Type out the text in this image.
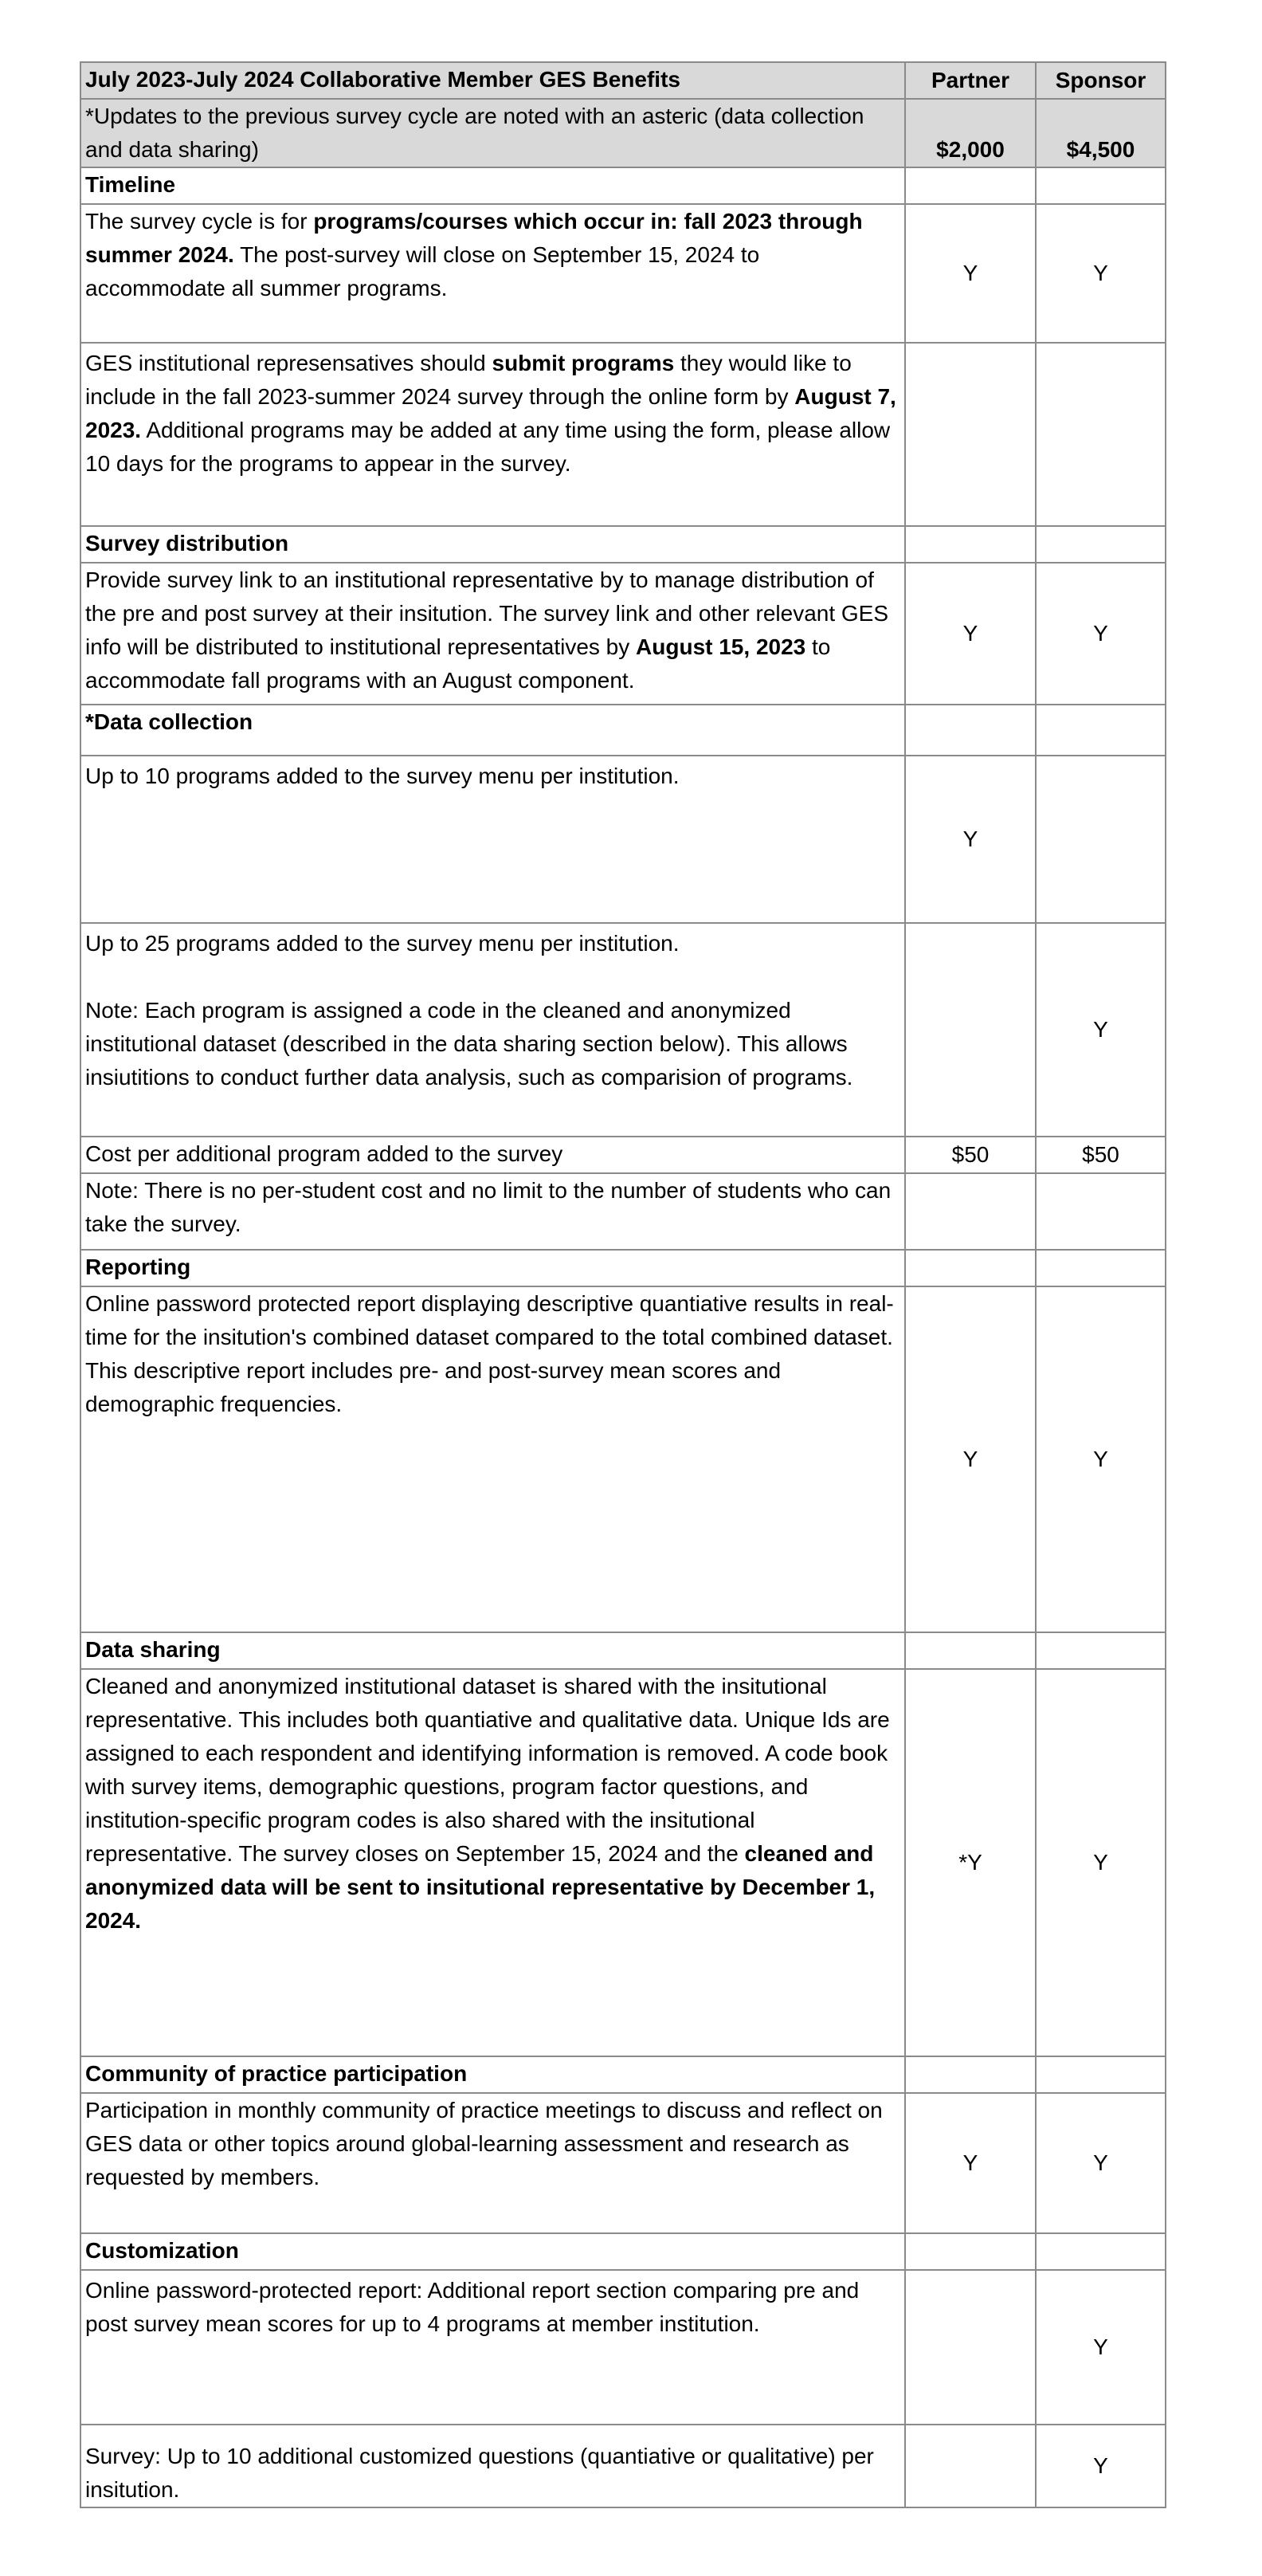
July 2023-July 2024 Collaborative Member GES Benefits	Partner	Sponsor
*Updates to the previous survey cycle are noted with an asteric (data collection and data sharing)	$2,000	$4,500
Timeline		
The survey cycle is for programs/courses which occur in: fall 2023 through summer 2024. The post-survey will close on September 15, 2024 to accommodate all summer programs.	Y	Y
GES institutional represensatives should submit programs they would like to include in the fall 2023-summer 2024 survey through the online form by August 7, 2023. Additional programs may be added at any time using the form, please allow 10 days for the programs to appear in the survey.		
Survey distribution		
Provide survey link to an institutional representative by to manage distribution of the pre and post survey at their insitution. The survey link and other relevant GES info will be distributed to institutional representatives by August 15, 2023 to accommodate fall programs with an August component.	Y	Y
*Data collection		
Up to 10 programs added to the survey menu per institution.	Y	
Up to 25 programs added to the survey menu per institution.
Note: Each program is assigned a code in the cleaned and anonymized institutional dataset (described in the data sharing section below). This allows insiutitions to conduct further data analysis, such as comparision of programs.		Y
Cost per additional program added to the survey	$50	$50
Note: There is no per-student cost and no limit to the number of students who can take the survey.		
Reporting		
Online password protected report displaying descriptive quantiative results in real-time for the insitution's combined dataset compared to the total combined dataset. This descriptive report includes pre- and post-survey mean scores and demographic frequencies.	Y	Y
Data sharing		
Cleaned and anonymized institutional dataset is shared with the insitutional representative. This includes both quantiative and qualitative data. Unique Ids are assigned to each respondent and identifying information is removed. A code book with survey items, demographic questions, program factor questions, and institution-specific program codes is also shared with the insitutional representative. The survey closes on September 15, 2024 and the cleaned and anonymized data will be sent to insitutional representative by December 1, 2024.	*Y	Y
Community of practice participation		
Participation in monthly community of practice meetings to discuss and reflect on GES data or other topics around global-learning assessment and research as requested by members.	Y	Y
Customization		
Online password-protected report: Additional report section comparing pre and post survey mean scores for up to 4 programs at member institution.		Y
Survey: Up to 10 additional customized questions (quantiative or qualitative) per insitution.		Y
